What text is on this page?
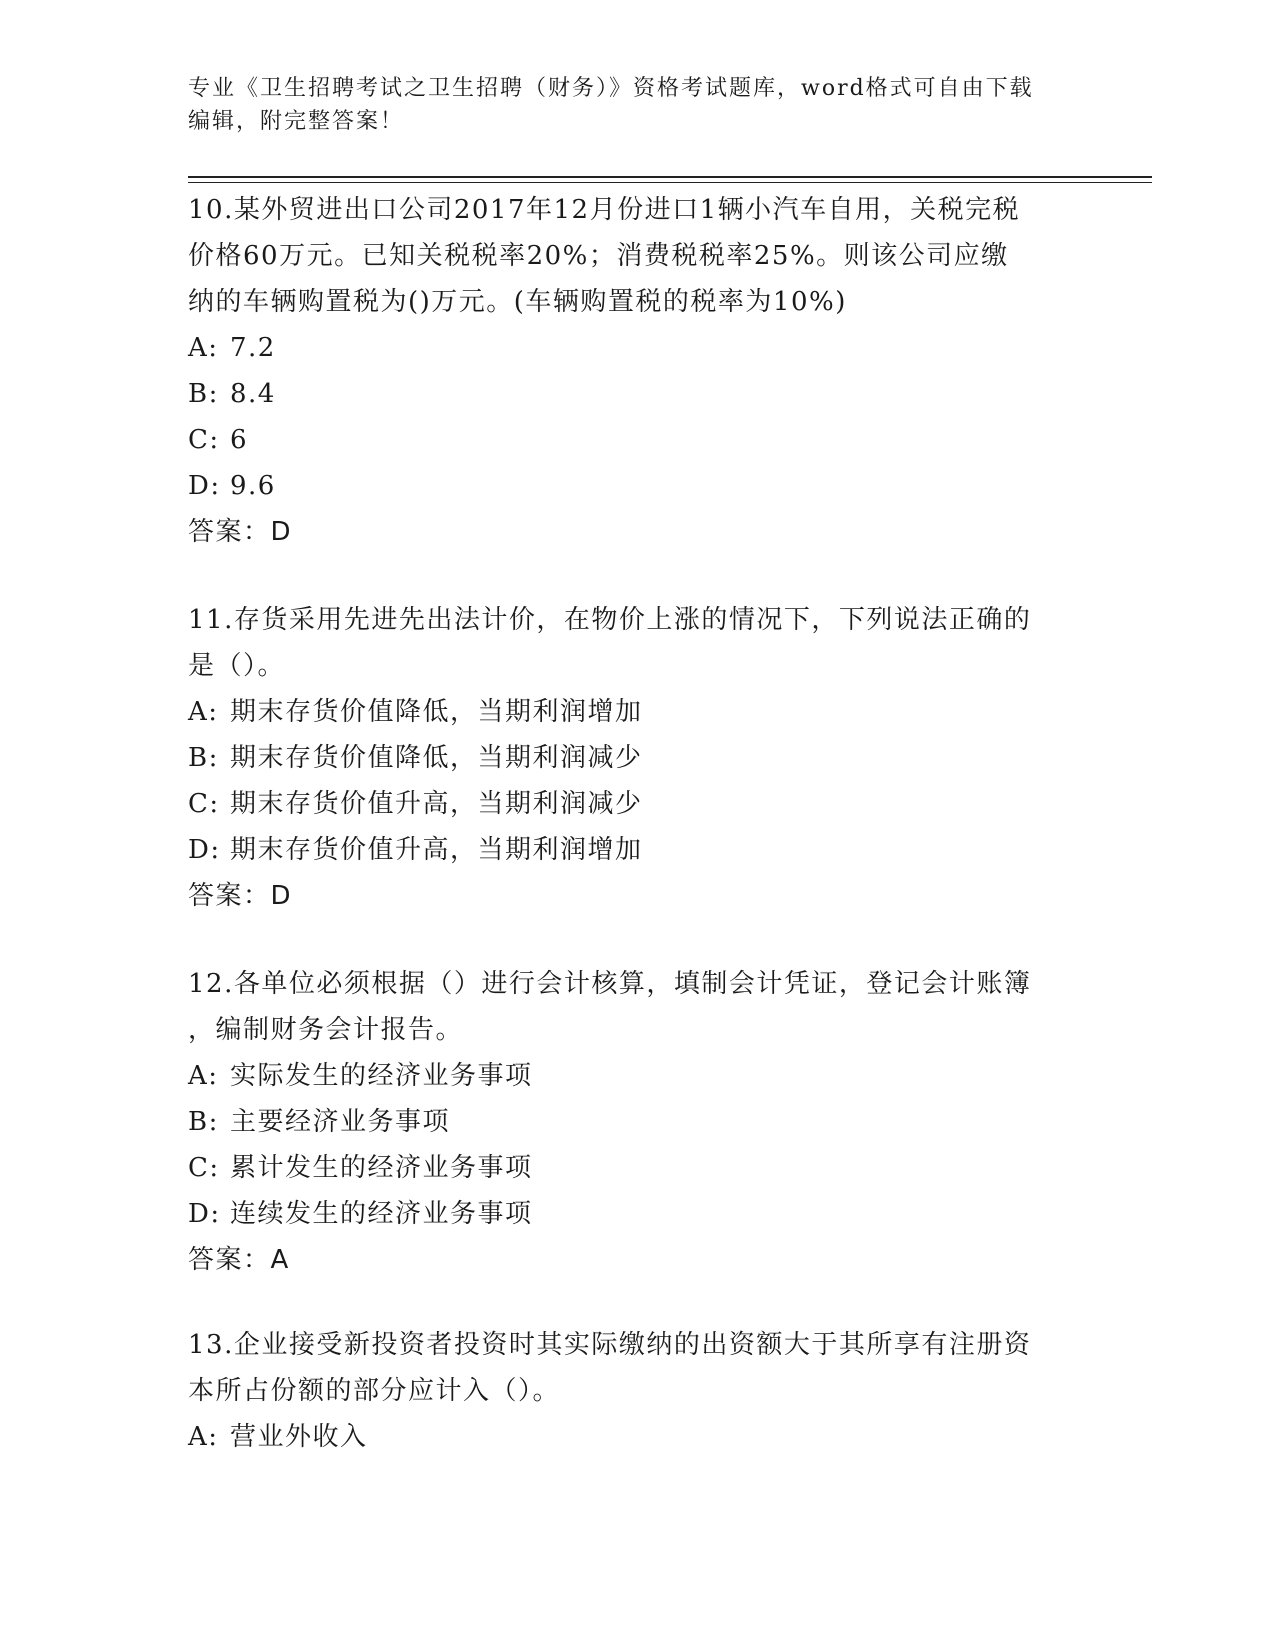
专业《卫生招聘考试之卫生招聘（财务）》资格考试题库，word格式可自由下载
编辑，附完整答案！

10.某外贸进出口公司2017年12月份进口1辆小汽车自用，关税完税

价格60万元。已知关税税率20%；消费税税率25%。则该公司应缴

纳的车辆购置税为()万元。(车辆购置税的税率为10%)

A: 7.2

B: 8.4

C: 6

D: 9.6

答案：D

11.存货采用先进先出法计价，在物价上涨的情况下，下列说法正确的

是（）。

A: 期末存货价值降低，当期利润增加

B: 期末存货价值降低，当期利润减少

C: 期末存货价值升高，当期利润减少

D: 期末存货价值升高，当期利润增加

答案：D

12.各单位必须根据（）进行会计核算，填制会计凭证，登记会计账簿

，编制财务会计报告。

A: 实际发生的经济业务事项

B: 主要经济业务事项

C: 累计发生的经济业务事项

D: 连续发生的经济业务事项

答案：A

13.企业接受新投资者投资时其实际缴纳的出资额大于其所享有注册资

本所占份额的部分应计入（）。

A: 营业外收入
